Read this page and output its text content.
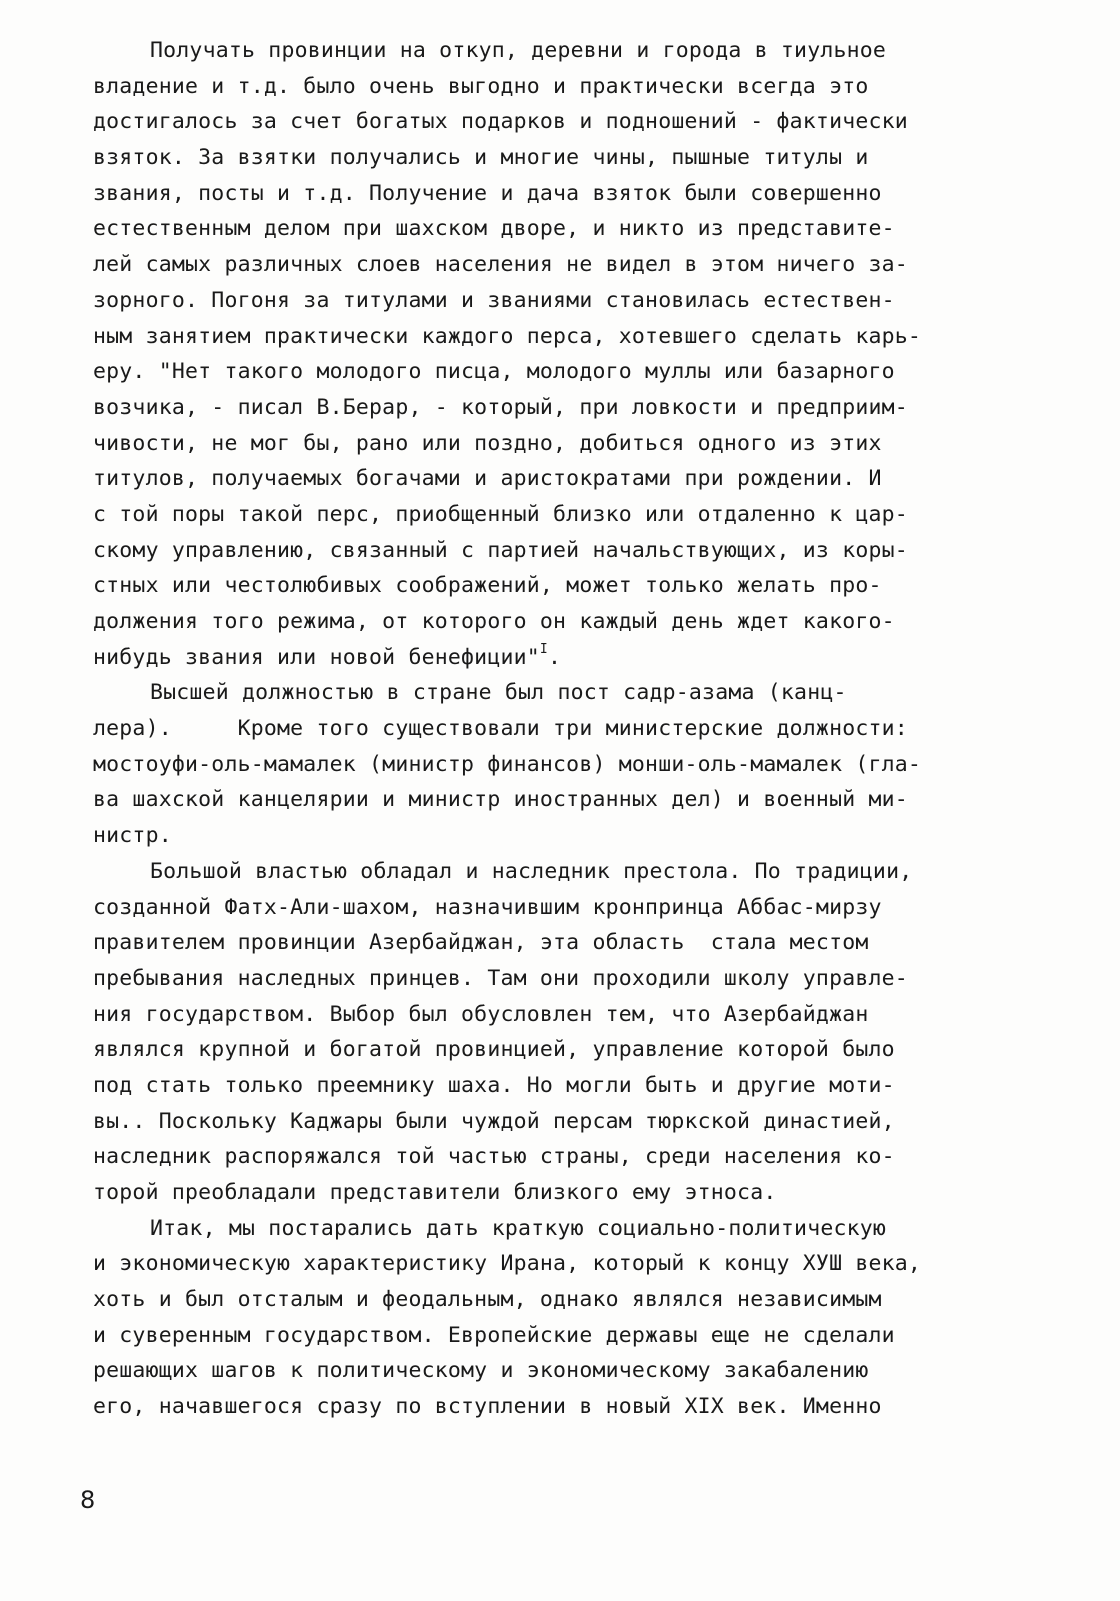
Получать провинции на откуп, деревни и города в тиульное
владение и т.д. было очень выгодно и практически всегда это
достигалось за счет богатых подарков и подношений - фактически
взяток. За взятки получались и многие чины, пышные титулы и
звания, посты и т.д. Получение и дача взяток были совершенно
естественным делом при шахском дворе, и никто из представите-
лей самых различных слоев населения не видел в этом ничего за-
зорного. Погоня за титулами и званиями становилась естествен-
ным занятием практически каждого перса, хотевшего сделать карь-
еру. "Нет такого молодого писца, молодого муллы или базарного
возчика, - писал В.Берар, - который, при ловкости и предприим-
чивости, не мог бы, рано или поздно, добиться одного из этих
титулов, получаемых богачами и аристократами при рождении. И
с той поры такой перс, приобщенный близко или отдаленно к цар-
скому управлению, связанный с партией начальствующих, из коры-
стных или честолюбивых соображений, может только желать про-
должения того режима, от которого он каждый день ждет какого-
нибудь звания или новой бенефиции"$^I$.
Высшей должностью в стране был пост садр-азама (канц-
лера).     Кроме того существовали три министерские должности:
мостоуфи-оль-мамалек (министр финансов) монши-оль-мамалек (гла-
ва шахской канцелярии и министр иностранных дел) и военный ми-
нистр.
Большой властью обладал и наследник престола. По традиции,
созданной Фатх-Али-шахом, назначившим кронпринца Аббас-мирзу
правителем провинции Азербайджан, эта область  стала местом
пребывания наследных принцев. Там они проходили школу управле-
ния государством. Выбор был обусловлен тем, что Азербайджан
являлся крупной и богатой провинцией, управление которой было
под стать только преемнику шаха. Но могли быть и другие моти-
вы.. Поскольку Каджары были чуждой персам тюркской династией,
наследник распоряжался той частью страны, среди населения ко-
торой преобладали представители близкого ему этноса.
Итак, мы постарались дать краткую социально-политическую
и экономическую характеристику Ирана, который к концу ХУШ века,
хоть и был отсталым и феодальным, однако являлся независимым
и суверенным государством. Европейские державы еще не сделали
решающих шагов к политическому и экономическому закабалению
его, начавшегося сразу по вступлении в новый XIX век. Именно
8
